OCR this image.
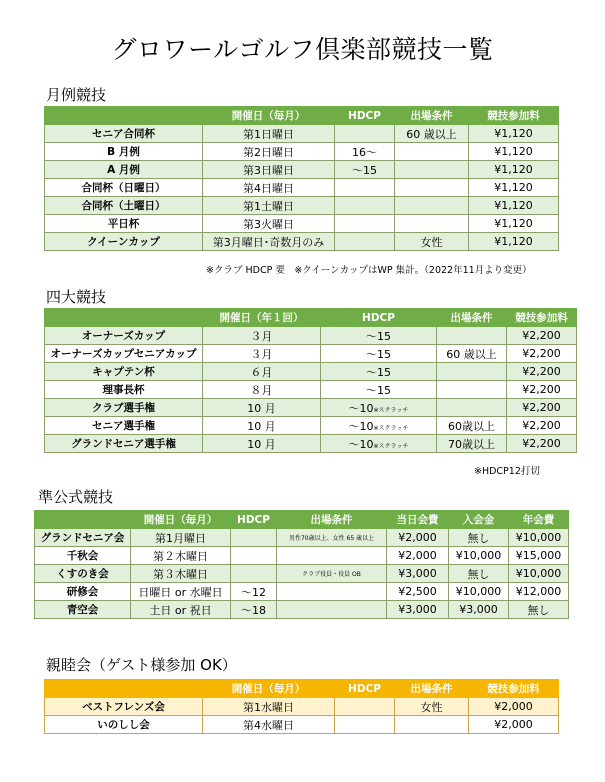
グロワールゴルフ倶楽部競技一覧
月例競技
	開催日（毎月）	HDCP	出場条件	競技参加料
セニア合同杯	第1日曜日		60 歳以上	¥1,120
B 月例	第2日曜日	16〜		¥1,120
A 月例	第3日曜日	〜15		¥1,120
合同杯（日曜日）	第4日曜日			¥1,120
合同杯（土曜日）	第1土曜日			¥1,120
平日杯	第3火曜日			¥1,120
クイーンカップ	第3月曜日･奇数月のみ		女性	¥1,120
※クラブ HDCP 要　※クイーンカップはWP 集計。（2022年11月より変更）
四大競技
	開催日（年１回）	HDCP	出場条件	競技参加料
オーナーズカップ	３月	〜15		¥2,200
オーナーズカップセニアカップ	３月	〜15	60 歳以上	¥2,200
キャプテン杯	６月	〜15		¥2,200
理事長杯	８月	〜15		¥2,200
クラブ選手権	10 月	〜10※スクラッチ		¥2,200
セニア選手権	10 月	〜10※スクラッチ	60歳以上	¥2,200
グランドセニア選手権	10 月	〜10※スクラッチ	70歳以上	¥2,200
※HDCP12打切
準公式競技
	開催日（毎月）	HDCP	出場条件	当日会費	入会金	年会費
グランドセニア会	第1月曜日		男性70歳以上、女性 65 歳以上	¥2,000	無し	¥10,000
千秋会	第２木曜日			¥2,000	¥10,000	¥15,000
くすのき会	第３木曜日		クラブ役員・役員 OB	¥3,000	無し	¥10,000
研修会	日曜日 or 水曜日	〜12		¥2,500	¥10,000	¥12,000
青空会	土日 or 祝日	〜18		¥3,000	¥3,000	無し
親睦会（ゲスト様参加 OK）
	開催日（毎月）	HDCP	出場条件	競技参加料
ベストフレンズ会	第1水曜日		女性	¥2,000
いのしし会	第4水曜日			¥2,000
